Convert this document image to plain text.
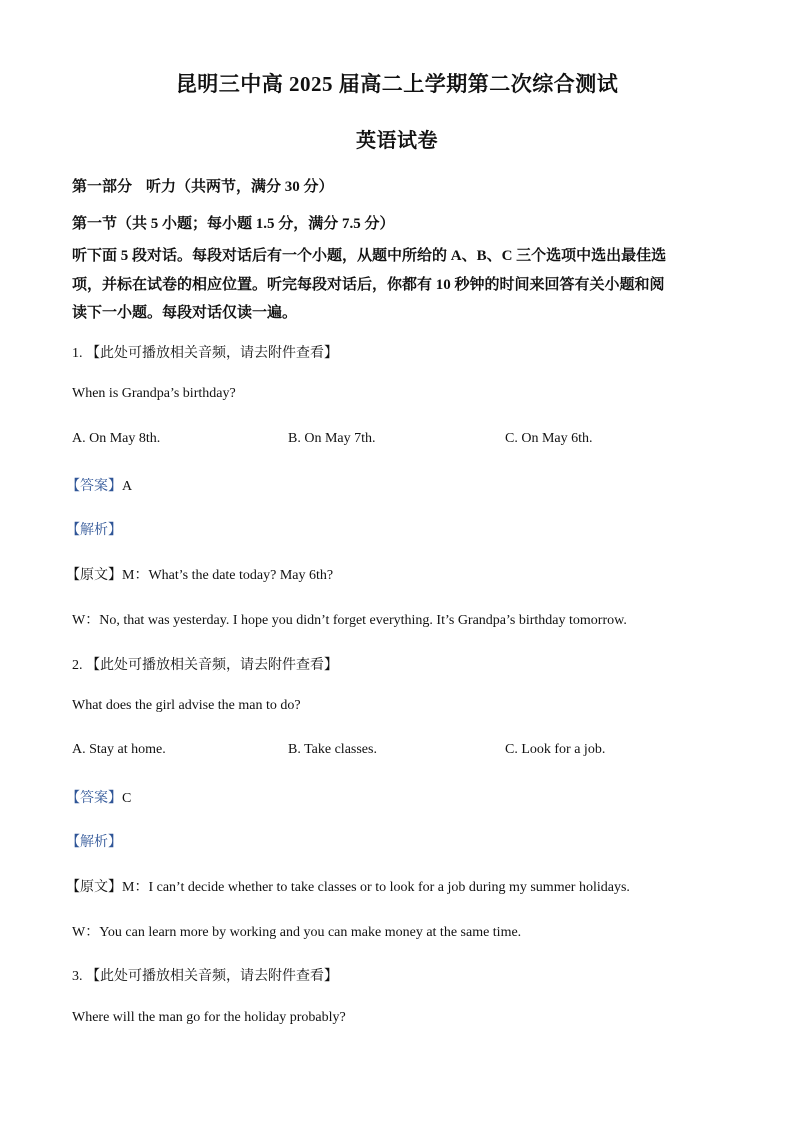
昆明三中高 2025 届高二上学期第二次综合测试
英语试卷
第一部分 听力（共两节，满分 30 分）
第一节（共 5 小题；每小题 1.5 分，满分 7.5 分）
听下面 5 段对话。每段对话后有一个小题，从题中所给的 A、B、C 三个选项中选出最佳选
项，并标在试卷的相应位置。听完每段对话后，你都有 10 秒钟的时间来回答有关小题和阅
读下一小题。每段对话仅读一遍。
1. 【此处可播放相关音频，请去附件查看】
When is Grandpa’s birthday?
A. On May 8th.	B. On May 7th.	C. On May 6th.
【答案】A
【解析】
【原文】M：What’s the date today? May 6th?
W：No, that was yesterday. I hope you didn’t forget everything. It’s Grandpa’s birthday tomorrow.
2. 【此处可播放相关音频，请去附件查看】
What does the girl advise the man to do?
A. Stay at home.	B. Take classes.	C. Look for a job.
【答案】C
【解析】
【原文】M：I can’t decide whether to take classes or to look for a job during my summer holidays.
W：You can learn more by working and you can make money at the same time.
3. 【此处可播放相关音频，请去附件查看】
Where will the man go for the holiday probably?
